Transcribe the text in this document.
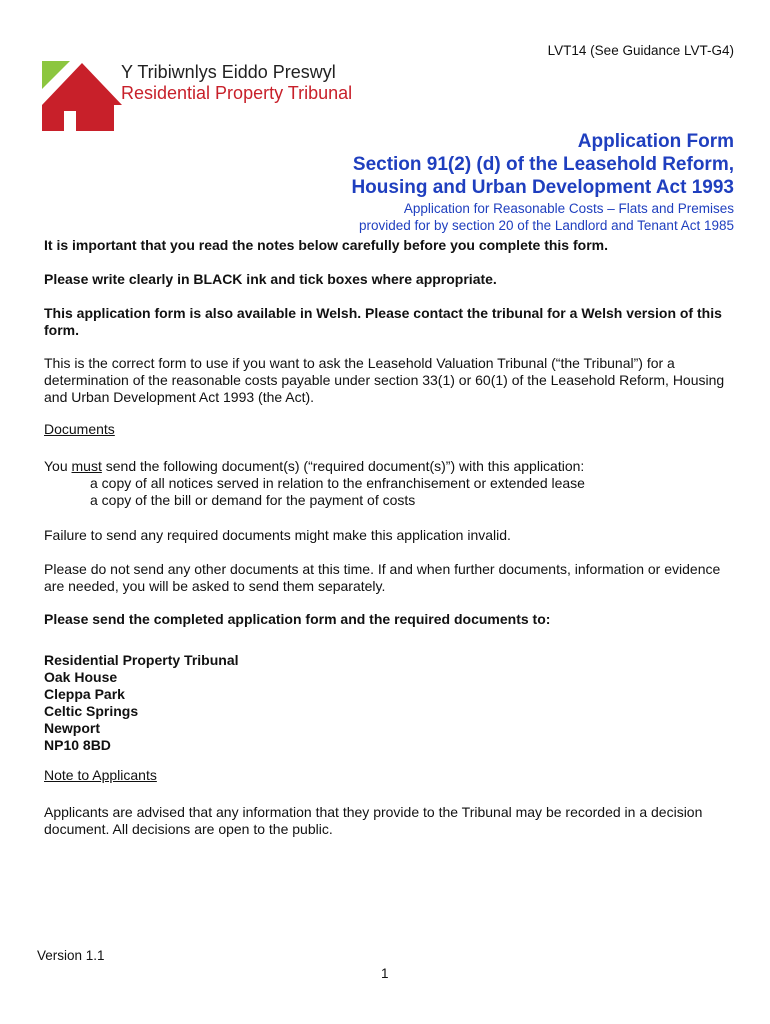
LVT14 (See Guidance LVT-G4)
Y Tribiwnlys Eiddo Preswyl
Residential Property Tribunal
Application Form
Section 91(2) (d) of the Leasehold Reform,
Housing and Urban Development Act 1993
Application for Reasonable Costs – Flats and Premises
provided for by section 20 of the Landlord and Tenant Act 1985
It is important that you read the notes below carefully before you complete this form.
Please write clearly in BLACK ink and tick boxes where appropriate.
This application form is also available in Welsh. Please contact the tribunal for a Welsh version of this form.
This is the correct form to use if you want to ask the Leasehold Valuation Tribunal (“the Tribunal”) for a determination of the reasonable costs payable under section 33(1) or 60(1) of the Leasehold Reform, Housing and Urban Development Act 1993 (the Act).
Documents
You must send the following document(s) (“required document(s)”) with this application:
a copy of all notices served in relation to the enfranchisement or extended lease
a copy of the bill or demand for the payment of costs
Failure to send any required documents might make this application invalid.
Please do not send any other documents at this time. If and when further documents, information or evidence are needed, you will be asked to send them separately.
Please send the completed application form and the required documents to:
Residential Property Tribunal
Oak House
Cleppa Park
Celtic Springs
Newport
NP10 8BD
Note to Applicants
Applicants are advised that any information that they provide to the Tribunal may be recorded in a decision document. All decisions are open to the public.
Version 1.1
1
